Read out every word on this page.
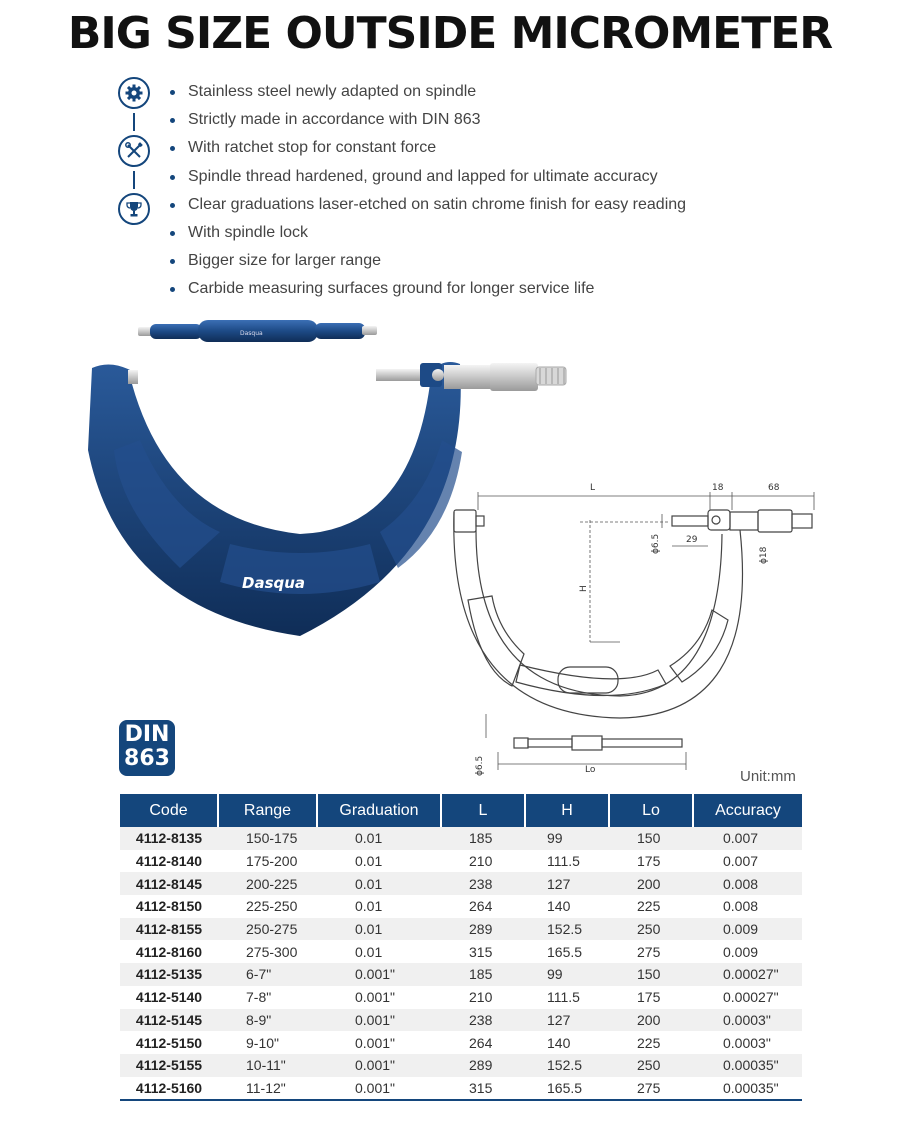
BIG SIZE OUTSIDE MICROMETER
Stainless steel newly adapted on spindle
Strictly made in accordance with DIN 863
With ratchet stop for constant force
Spindle thread hardened, ground and lapped for ultimate accuracy
Clear graduations laser-etched on satin chrome finish for easy reading
With spindle lock
Bigger size for larger range
Carbide measuring surfaces ground for longer service life
Dasqua
Dasqua
L	18	68
29
H
ϕ6.5
ϕ18
ϕ6.5	Lo
DIN
863
Unit:mm
Code	Range	Graduation	L	H	Lo	Accuracy
4112-8135	150-175	0.01	185	99	150	0.007
4112-8140	175-200	0.01	210	111.5	175	0.007
4112-8145	200-225	0.01	238	127	200	0.008
4112-8150	225-250	0.01	264	140	225	0.008
4112-8155	250-275	0.01	289	152.5	250	0.009
4112-8160	275-300	0.01	315	165.5	275	0.009
4112-5135	6-7"	0.001"	185	99	150	0.00027"
4112-5140	7-8"	0.001"	210	111.5	175	0.00027"
4112-5145	8-9"	0.001"	238	127	200	0.0003"
4112-5150	9-10"	0.001"	264	140	225	0.0003"
4112-5155	10-11"	0.001"	289	152.5	250	0.00035"
4112-5160	11-12"	0.001"	315	165.5	275	0.00035"
